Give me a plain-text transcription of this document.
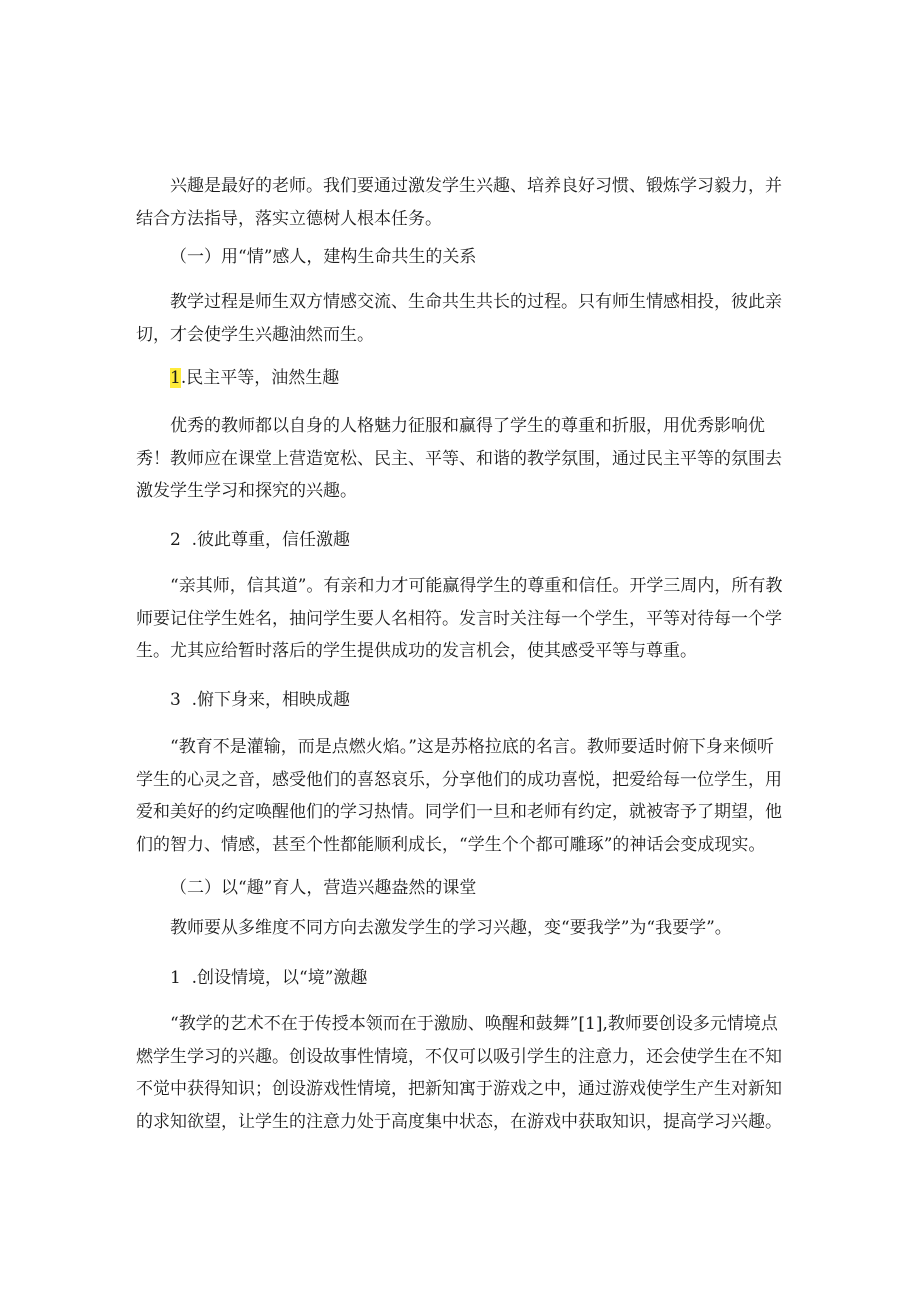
兴趣是最好的老师。我们要通过激发学生兴趣、培养良好习惯、锻炼学习毅力，并结合方法指导，落实立德树人根本任务。

（一）用“情”感人，建构生命共生的关系

教学过程是师生双方情感交流、生命共生共长的过程。只有师生情感相投，彼此亲切，才会使学生兴趣油然而生。

1.民主平等，油然生趣

优秀的教师都以自身的人格魅力征服和赢得了学生的尊重和折服，用优秀影响优秀！教师应在课堂上营造宽松、民主、平等、和谐的教学氛围，通过民主平等的氛围去激发学生学习和探究的兴趣。

2  .彼此尊重，信任激趣

“亲其师，信其道”。有亲和力才可能赢得学生的尊重和信任。开学三周内，所有教师要记住学生姓名，抽问学生要人名相符。发言时关注每一个学生，平等对待每一个学生。尤其应给暂时落后的学生提供成功的发言机会，使其感受平等与尊重。

3  .俯下身来，相映成趣

“教育不是灌输，而是点燃火焰。”这是苏格拉底的名言。教师要适时俯下身来倾听学生的心灵之音，感受他们的喜怒哀乐，分享他们的成功喜悦，把爱给每一位学生，用爱和美好的约定唤醒他们的学习热情。同学们一旦和老师有约定，就被寄予了期望，他们的智力、情感，甚至个性都能顺利成长，“学生个个都可雕琢”的神话会变成现实。

（二）以“趣”育人，营造兴趣盎然的课堂

教师要从多维度不同方向去激发学生的学习兴趣，变“要我学”为“我要学”。

1  .创设情境，以“境”激趣

“教学的艺术不在于传授本领而在于激励、唤醒和鼓舞”[1],教师要创设多元情境点燃学生学习的兴趣。创设故事性情境，不仅可以吸引学生的注意力，还会使学生在不知不觉中获得知识；创设游戏性情境，把新知寓于游戏之中，通过游戏使学生产生对新知的求知欲望，让学生的注意力处于高度集中状态，在游戏中获取知识，提高学习兴趣。
